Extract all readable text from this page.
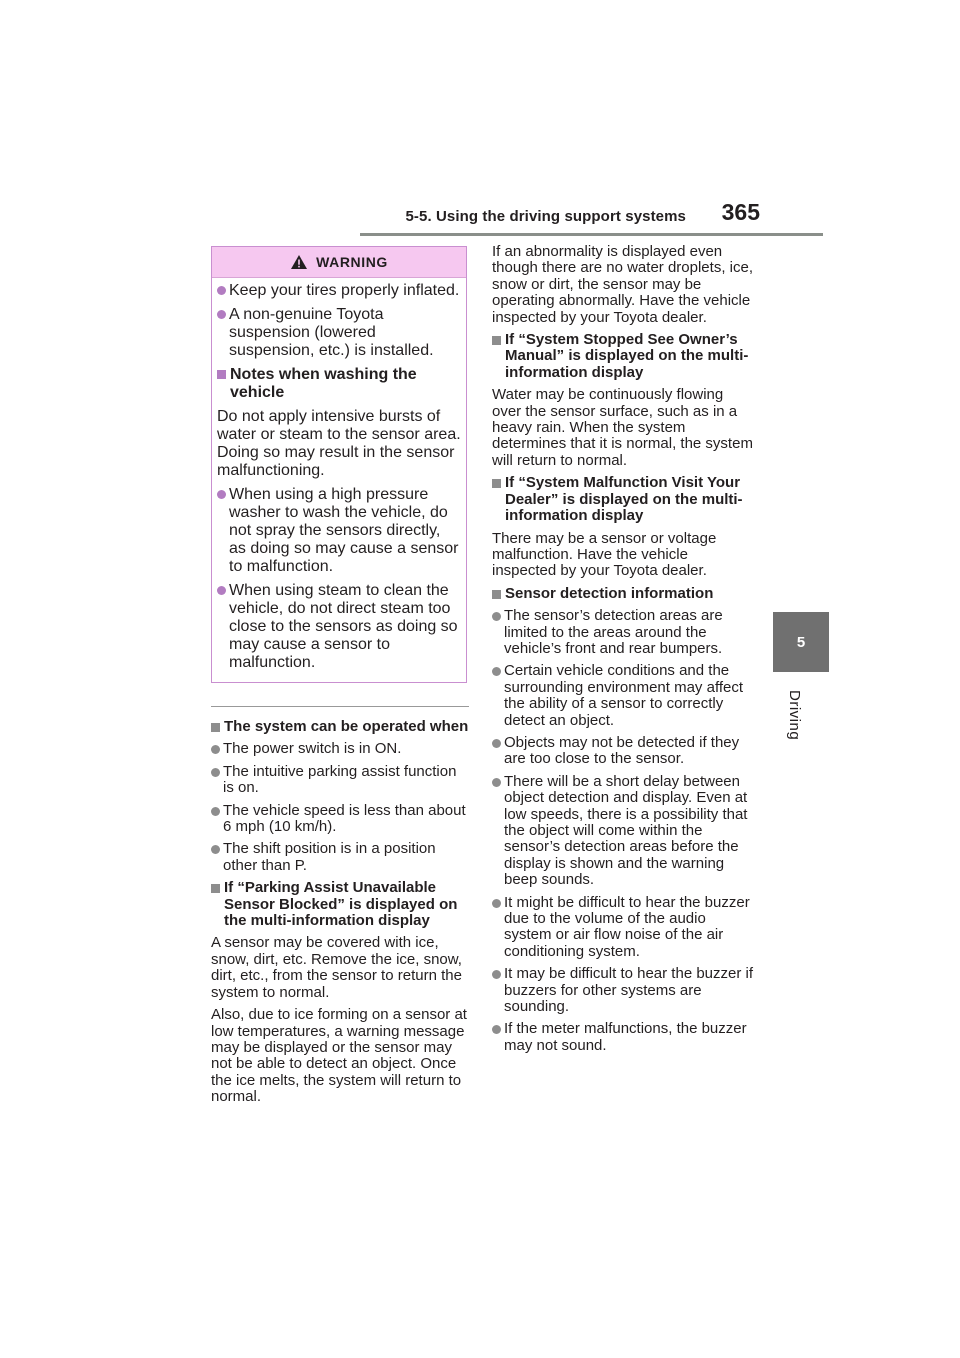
5-5. Using the driving support systems 365
5
Driving
WARNING
Keep your tires properly inflated.
A non-genuine Toyota suspension (lowered suspension, etc.) is installed.
Notes when washing the vehicle
Do not apply intensive bursts of water or steam to the sensor area. Doing so may result in the sensor malfunctioning.
When using a high pressure washer to wash the vehicle, do not spray the sensors directly, as doing so may cause a sensor to malfunction.
When using steam to clean the vehicle, do not direct steam too close to the sensors as doing so may cause a sensor to malfunction.
The system can be operated when
The power switch is in ON.
The intuitive parking assist function is on.
The vehicle speed is less than about 6 mph (10 km/h).
The shift position is in a position other than P.
If “Parking Assist Unavailable Sensor Blocked” is displayed on the multi-information display
A sensor may be covered with ice, snow, dirt, etc. Remove the ice, snow, dirt, etc., from the sensor to return the system to normal.
Also, due to ice forming on a sensor at low temperatures, a warning message may be displayed or the sensor may not be able to detect an object. Once the ice melts, the system will return to normal.
If an abnormality is displayed even though there are no water droplets, ice, snow or dirt, the sensor may be operating abnormally. Have the vehicle inspected by your Toyota dealer.
If “System Stopped See Owner’s Manual” is displayed on the multi-information display
Water may be continuously flowing over the sensor surface, such as in a heavy rain. When the system determines that it is normal, the system will return to normal.
If “System Malfunction Visit Your Dealer” is displayed on the multi-information display
There may be a sensor or voltage malfunction. Have the vehicle inspected by your Toyota dealer.
Sensor detection information
The sensor’s detection areas are limited to the areas around the vehicle’s front and rear bumpers.
Certain vehicle conditions and the surrounding environment may affect the ability of a sensor to correctly detect an object.
Objects may not be detected if they are too close to the sensor.
There will be a short delay between object detection and display. Even at low speeds, there is a possibility that the object will come within the sensor’s detection areas before the display is shown and the warning beep sounds.
It might be difficult to hear the buzzer due to the volume of the audio system or air flow noise of the air conditioning system.
It may be difficult to hear the buzzer if buzzers for other systems are sounding.
If the meter malfunctions, the buzzer may not sound.
